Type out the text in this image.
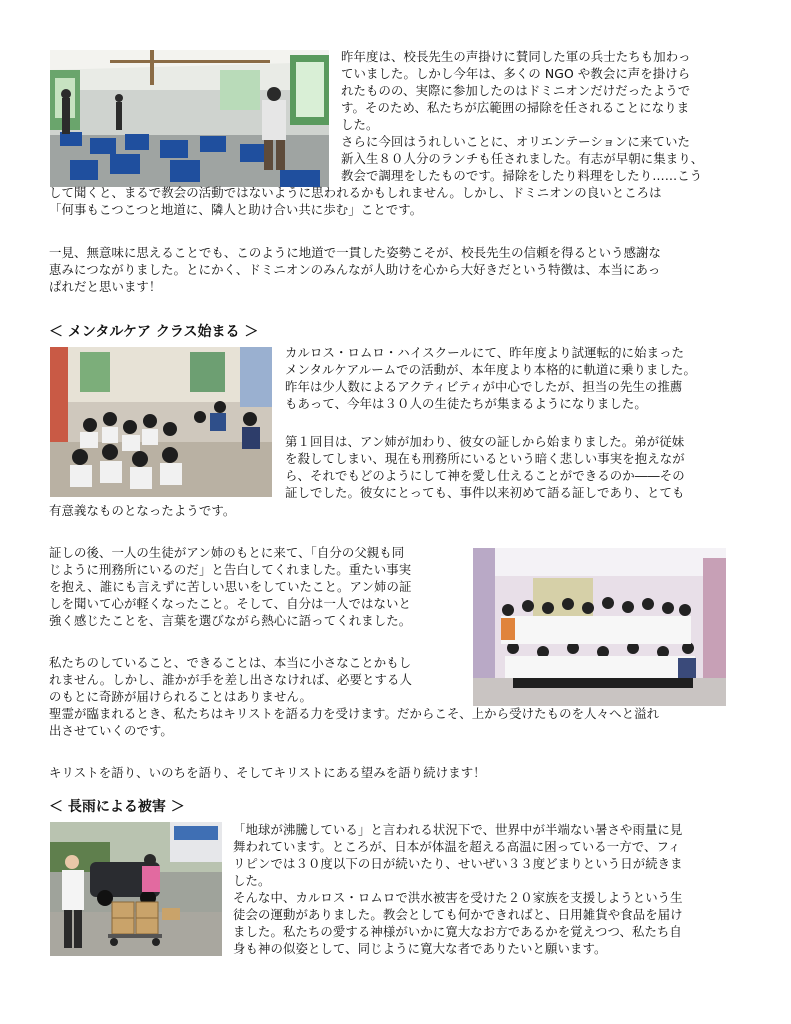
昨年度は、校長先生の声掛けに賛同した軍の兵士たちも加わっ
ていました。しかし今年は、多くの NGO や教会に声を掛けら
れたものの、実際に参加したのはドミニオンだけだったようで
す。そのため、私たちが広範囲の掃除を任されることになりま
した。
さらに今回はうれしいことに、オリエンテーションに来ていた
新入生８０人分のランチも任されました。有志が早朝に集まり、
教会で調理をしたものです。掃除をしたり料理をしたり……こう
して聞くと、まるで教会の活動ではないように思われるかもしれません。しかし、ドミニオンの良いところは
「何事もこつこつと地道に、隣人と助け合い共に歩む」ことです。
一見、無意味に思えることでも、このように地道で一貫した姿勢こそが、校長先生の信頼を得るという感謝な
恵みにつながりました。とにかく、ドミニオンのみんなが人助けを心から大好きだという特徴は、本当にあっ
ぱれだと思います！
＜ メンタルケア クラス始まる ＞
カルロス・ロムロ・ハイスクールにて、昨年度より試運転的に始まった
メンタルケアルームでの活動が、本年度より本格的に軌道に乗りました。
昨年は少人数によるアクティビティが中心でしたが、担当の先生の推薦
もあって、今年は３０人の生徒たちが集まるようになりました。
第１回目は、アン姉が加わり、彼女の証しから始まりました。弟が従妹
を殺してしまい、現在も刑務所にいるという暗く悲しい事実を抱えなが
ら、それでもどのようにして神を愛し仕えることができるのか――その
証しでした。彼女にとっても、事件以来初めて語る証しであり、とても
有意義なものとなったようです。
証しの後、一人の生徒がアン姉のもとに来て、「自分の父親も同
じように刑務所にいるのだ」と告白してくれました。重たい事実
を抱え、誰にも言えずに苦しい思いをしていたこと。アン姉の証
しを聞いて心が軽くなったこと。そして、自分は一人ではないと
強く感じたことを、言葉を選びながら熱心に語ってくれました。
私たちのしていること、できることは、本当に小さなことかもし
れません。しかし、誰かが手を差し出さなければ、必要とする人
のもとに奇跡が届けられることはありません。
聖霊が臨まれるとき、私たちはキリストを語る力を受けます。だからこそ、上から受けたものを人々へと溢れ
出させていくのです。
キリストを語り、いのちを語り、そしてキリストにある望みを語り続けます！
＜ 長雨による被害 ＞
「地球が沸騰している」と言われる状況下で、世界中が半端ない暑さや雨量に見
舞われています。ところが、日本が体温を超える高温に困っている一方で、フィ
リピンでは３０度以下の日が続いたり、せいぜい３３度どまりという日が続きま
した。
そんな中、カルロス・ロムロで洪水被害を受けた２０家族を支援しようという生
徒会の運動がありました。教会としても何かできればと、日用雑貨や食品を届け
ました。私たちの愛する神様がいかに寛大なお方であるかを覚えつつ、私たち自
身も神の似姿として、同じように寛大な者でありたいと願います。
